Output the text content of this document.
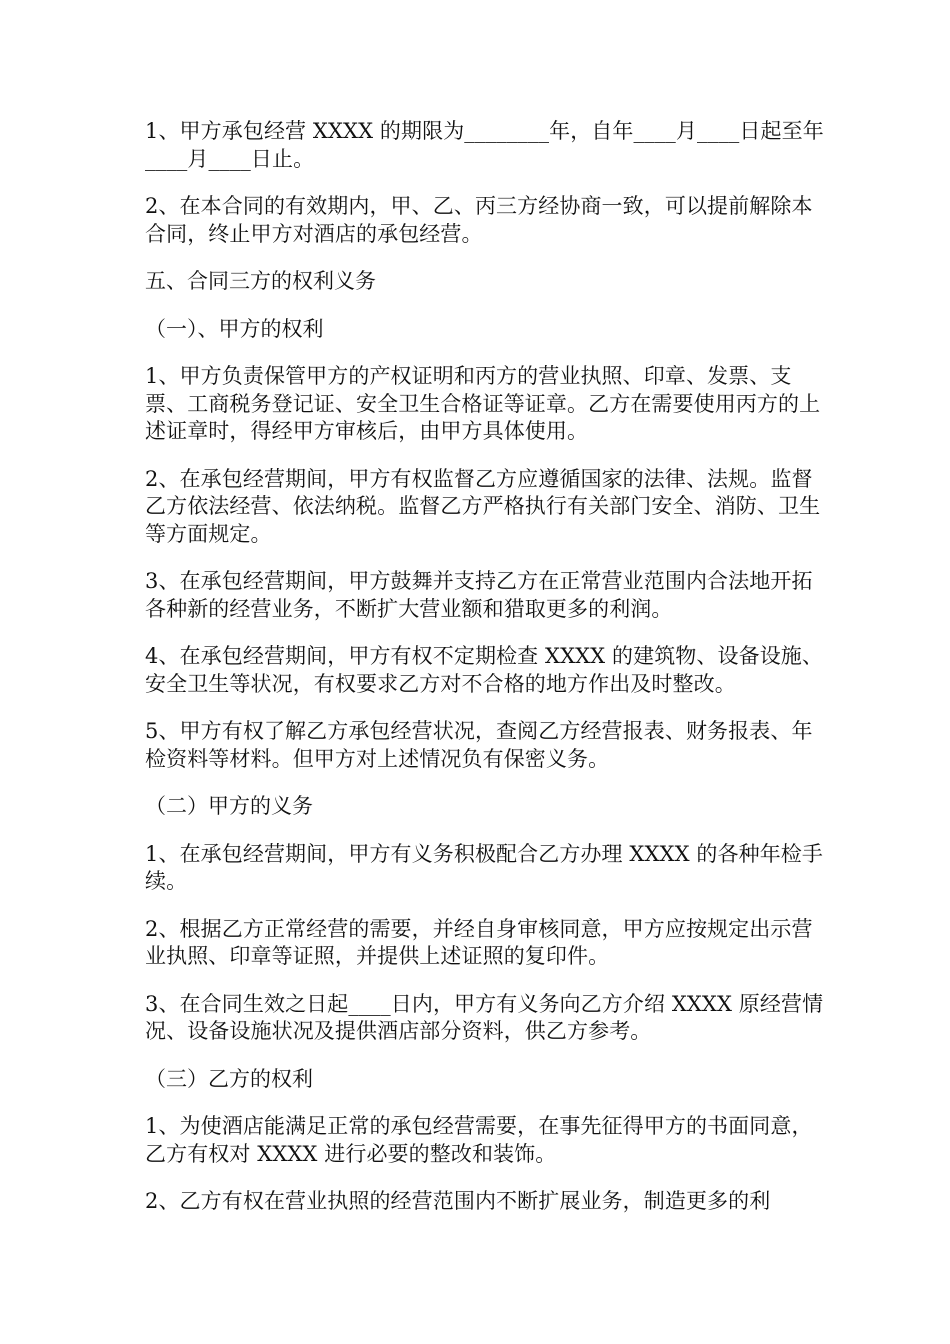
1、甲方承包经营 XXXX 的期限为________年，自年____月____日起至年____月____日止。

2、在本合同的有效期内，甲、乙、丙三方经协商一致，可以提前解除本合同，终止甲方对酒店的承包经营。

五、合同三方的权利义务

（一）、甲方的权利

1、甲方负责保管甲方的产权证明和丙方的营业执照、印章、发票、支票、工商税务登记证、安全卫生合格证等证章。乙方在需要使用丙方的上述证章时，得经甲方审核后，由甲方具体使用。

2、在承包经营期间，甲方有权监督乙方应遵循国家的法律、法规。监督乙方依法经营、依法纳税。监督乙方严格执行有关部门安全、消防、卫生等方面规定。

3、在承包经营期间，甲方鼓舞并支持乙方在正常营业范围内合法地开拓各种新的经营业务，不断扩大营业额和猎取更多的利润。

4、在承包经营期间，甲方有权不定期检查 XXXX 的建筑物、设备设施、安全卫生等状况，有权要求乙方对不合格的地方作出及时整改。

5、甲方有权了解乙方承包经营状况，查阅乙方经营报表、财务报表、年检资料等材料。但甲方对上述情况负有保密义务。

（二）甲方的义务

1、在承包经营期间，甲方有义务积极配合乙方办理 XXXX 的各种年检手续。

2、根据乙方正常经营的需要，并经自身审核同意，甲方应按规定出示营业执照、印章等证照，并提供上述证照的复印件。

3、在合同生效之日起____日内，甲方有义务向乙方介绍 XXXX 原经营情况、设备设施状况及提供酒店部分资料，供乙方参考。

（三）乙方的权利

1、为使酒店能满足正常的承包经营需要，在事先征得甲方的书面同意，乙方有权对 XXXX 进行必要的整改和装饰。

2、乙方有权在营业执照的经营范围内不断扩展业务，制造更多的利
